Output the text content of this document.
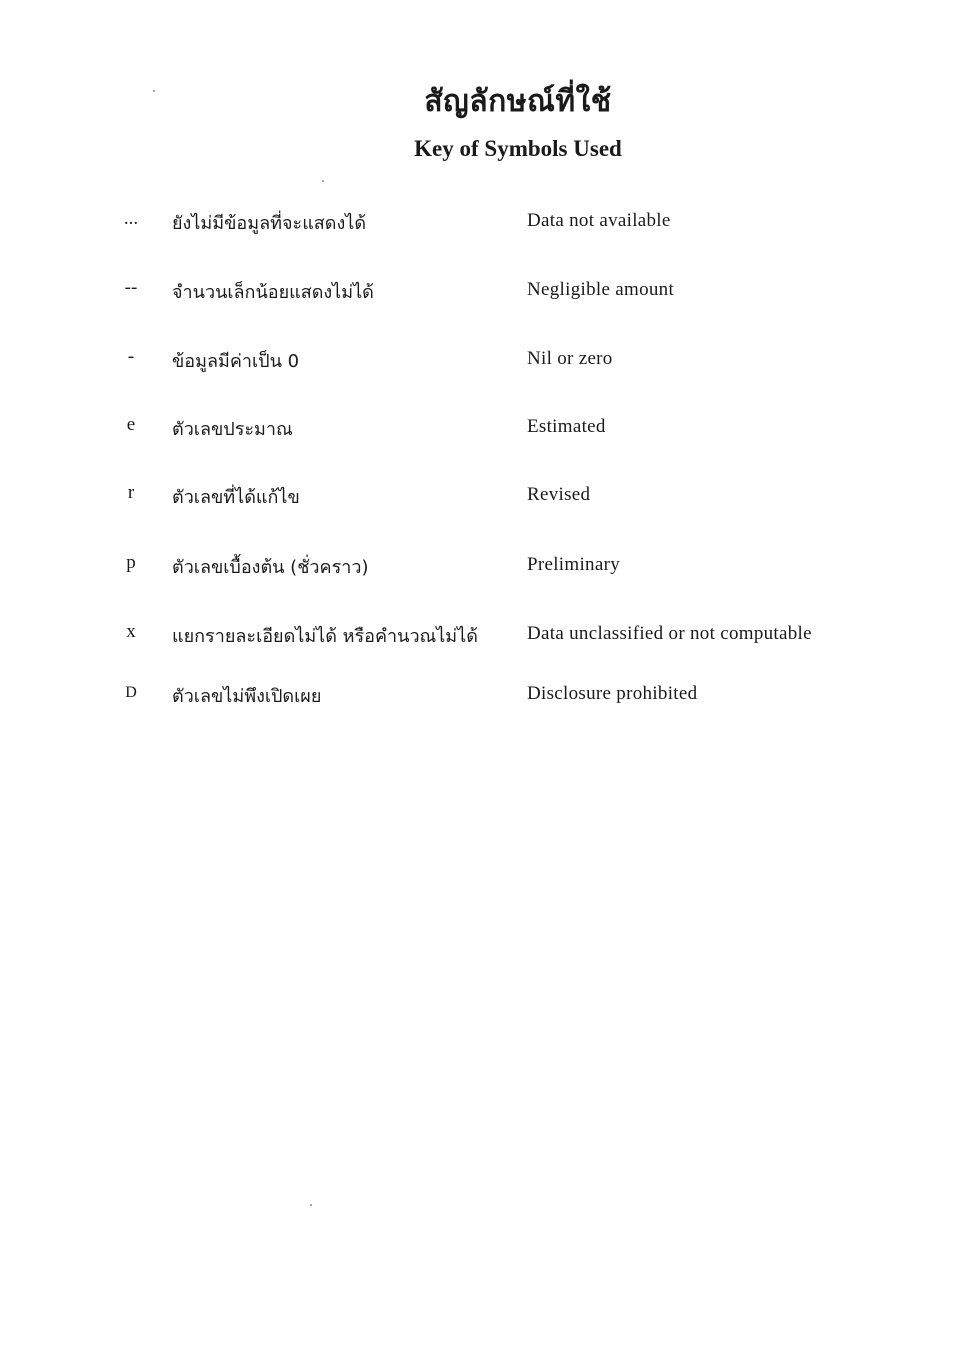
สัญลักษณ์ที่ใช้
Key of Symbols Used
...	ยังไม่มีข้อมูลที่จะแสดงได้	Data not available
--	จำนวนเล็กน้อยแสดงไม่ได้	Negligible amount
-	ข้อมูลมีค่าเป็น 0	Nil or zero
e	ตัวเลขประมาณ	Estimated
r	ตัวเลขที่ได้แก้ไข	Revised
p	ตัวเลขเบื้องต้น (ชั่วคราว)	Preliminary
x	แยกรายละเอียดไม่ได้ หรือคำนวณไม่ได้	Data unclassified or not computable
D	ตัวเลขไม่พึงเปิดเผย	Disclosure prohibited
